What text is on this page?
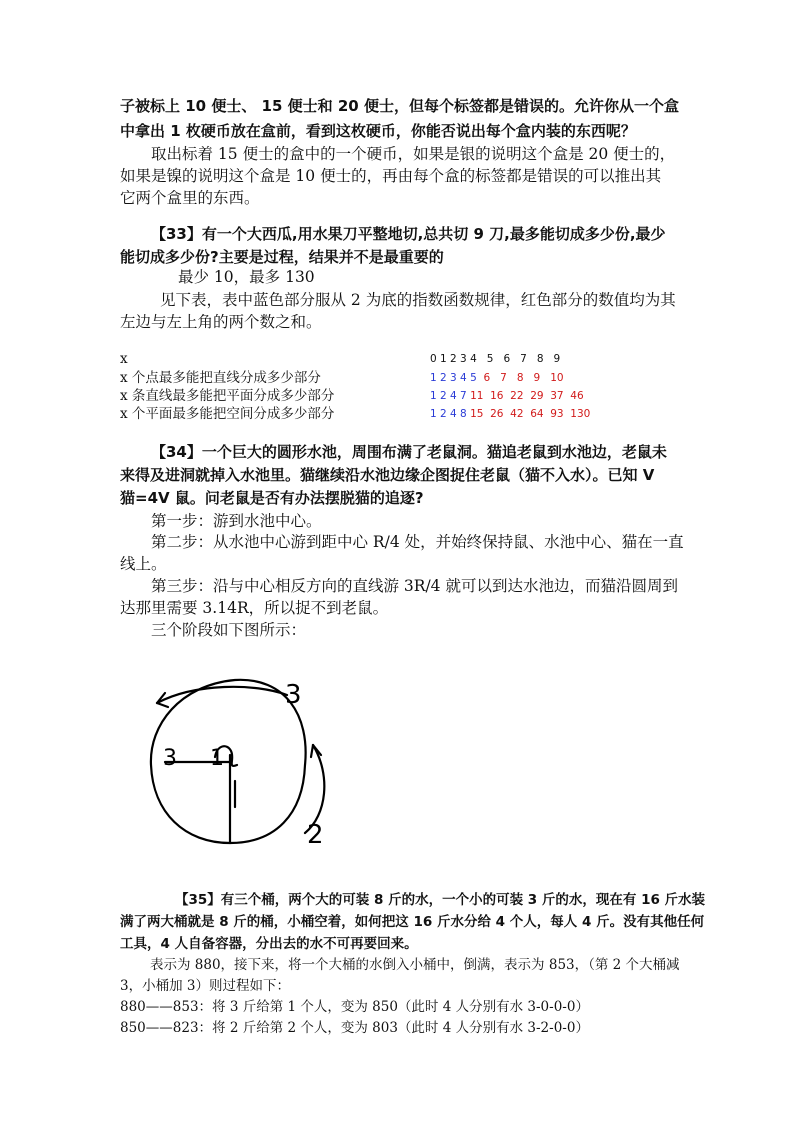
子被标上 10 便士、 15 便士和 20 便士，但每个标签都是错误的。允许你从一个盒
中拿出 1 枚硬币放在盒前，看到这枚硬币，你能否说出每个盒内装的东西呢？
取出标着 15 便士的盒中的一个硬币，如果是银的说明这个盒是 20 便士的，
如果是镍的说明这个盒是 10 便士的，再由每个盒的标签都是错误的可以推出其
它两个盒里的东西。
【33】有一个大西瓜,用水果刀平整地切,总共切 9 刀,最多能切成多少份,最少
能切成多少份?主要是过程，结果并不是最重要的
最少 10，最多 130
见下表，表中蓝色部分服从 2 为底的指数函数规律，红色部分的数值均为其
左边与左上角的两个数之和。
x
x 个点最多能把直线分成多少部分
x 条直线最多能把平面分成多少部分
x 个平面最多能把空间分成多少部分
0 1 2 3 4   5   6   7   8   9
1 2 3 4 5 6   7   8   9   10
1 2 4 7 11  16  22  29  37  46
1 2 4 8 15  26  42  64  93  130
【34】一个巨大的圆形水池，周围布满了老鼠洞。猫追老鼠到水池边，老鼠未
来得及进洞就掉入水池里。猫继续沿水池边缘企图捉住老鼠（猫不入水）。已知 V
猫=4V 鼠。问老鼠是否有办法摆脱猫的追逐?
第一步：游到水池中心。
第二步：从水池中心游到距中心 R/4 处，并始终保持鼠、水池中心、猫在一直
线上。
第三步：沿与中心相反方向的直线游 3R/4 就可以到达水池边，而猫沿圆周到
达那里需要 3.14R，所以捉不到老鼠。
三个阶段如下图所示：
3
2
3 1
【35】有三个桶，两个大的可装 8 斤的水，一个小的可装 3 斤的水，现在有 16 斤水装
满了两大桶就是 8 斤的桶，小桶空着，如何把这 16 斤水分给 4 个人，每人 4 斤。没有其他任何
工具，4 人自备容器，分出去的水不可再要回来。
表示为 880，接下来，将一个大桶的水倒入小桶中，倒满，表示为 853，（第 2 个大桶减
3，小桶加 3）则过程如下：
880——853：将 3 斤给第 1 个人，变为 850（此时 4 人分别有水 3-0-0-0）
850——823：将 2 斤给第 2 个人，变为 803（此时 4 人分别有水 3-2-0-0）
